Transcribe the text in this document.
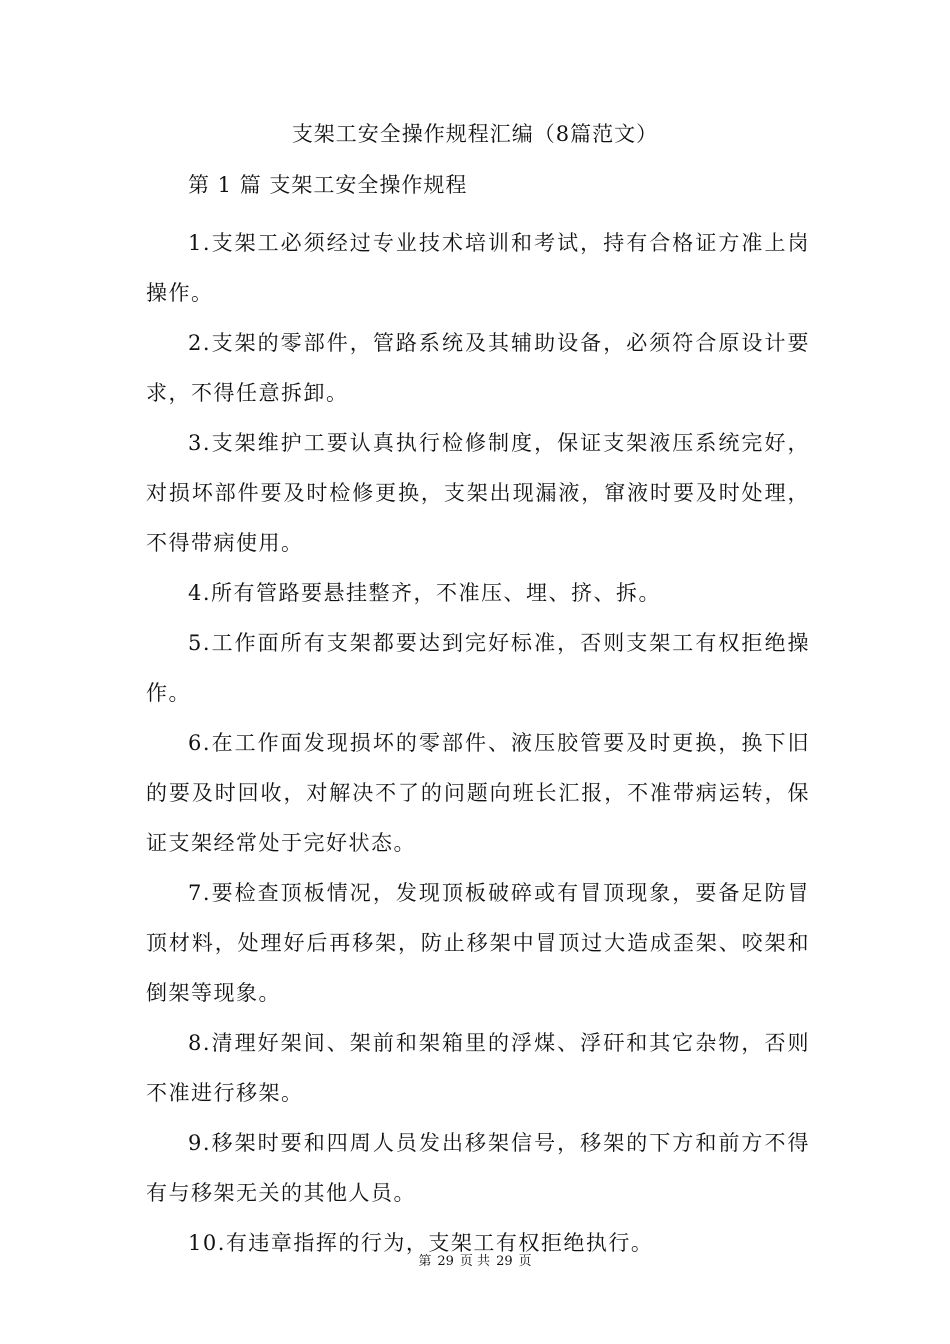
支架工安全操作规程汇编（8篇范文）

第 1 篇 支架工安全操作规程

1.支架工必须经过专业技术培训和考试，持有合格证方准上岗操作。

2.支架的零部件，管路系统及其辅助设备，必须符合原设计要求，不得任意拆卸。

3.支架维护工要认真执行检修制度，保证支架液压系统完好，对损坏部件要及时检修更换，支架出现漏液，窜液时要及时处理，不得带病使用。

4.所有管路要悬挂整齐，不准压、埋、挤、拆。

5.工作面所有支架都要达到完好标准，否则支架工有权拒绝操作。

6.在工作面发现损坏的零部件、液压胶管要及时更换，换下旧的要及时回收，对解决不了的问题向班长汇报，不准带病运转，保证支架经常处于完好状态。

7.要检查顶板情况，发现顶板破碎或有冒顶现象，要备足防冒顶材料，处理好后再移架，防止移架中冒顶过大造成歪架、咬架和倒架等现象。

8.清理好架间、架前和架箱里的浮煤、浮矸和其它杂物，否则不准进行移架。

9.移架时要和四周人员发出移架信号，移架的下方和前方不得有与移架无关的其他人员。

10.有违章指挥的行为，支架工有权拒绝执行。

第 29 页 共 29 页
